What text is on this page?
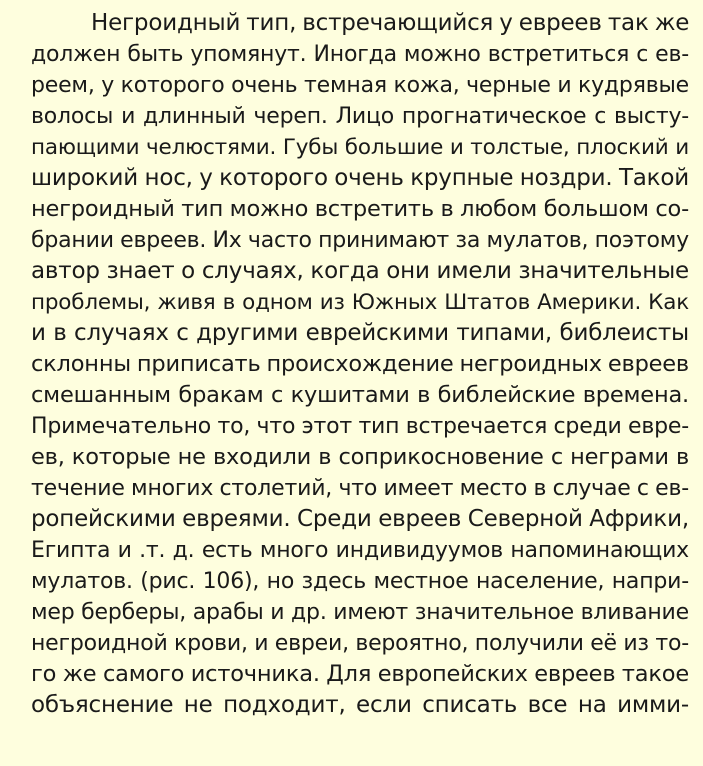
Негроидный тип, встречающийся у евреев так же
должен быть упомянут. Иногда можно встретиться с ев-
реем, у которого очень темная кожа, черные и кудрявые
волосы и длинный череп. Лицо прогнатическое с высту-
пающими челюстями. Губы большие и толстые, плоский и
широкий нос, у которого очень крупные ноздри. Такой
негроидный тип можно встретить в любом большом со-
брании евреев. Их часто принимают за мулатов, поэтому
автор знает о случаях, когда они имели значительные
проблемы, живя в одном из Южных Штатов Америки. Как
и в случаях с другими еврейскими типами, библеисты
склонны приписать происхождение негроидных евреев
смешанным бракам с кушитами в библейские времена.
Примечательно то, что этот тип встречается среди евре-
ев, которые не входили в соприкосновение с неграми в
течение многих столетий, что имеет место в случае с ев-
ропейскими евреями. Среди евреев Северной Африки,
Египта и .т. д. есть много индивидуумов напоминающих
мулатов. (рис. 106), но здесь местное население, напри-
мер берберы, арабы и др. имеют значительное вливание
негроидной крови, и евреи, вероятно, получили её из то-
го же самого источника. Для европейских евреев такое
объяснение не подходит, если списать все на имми-
